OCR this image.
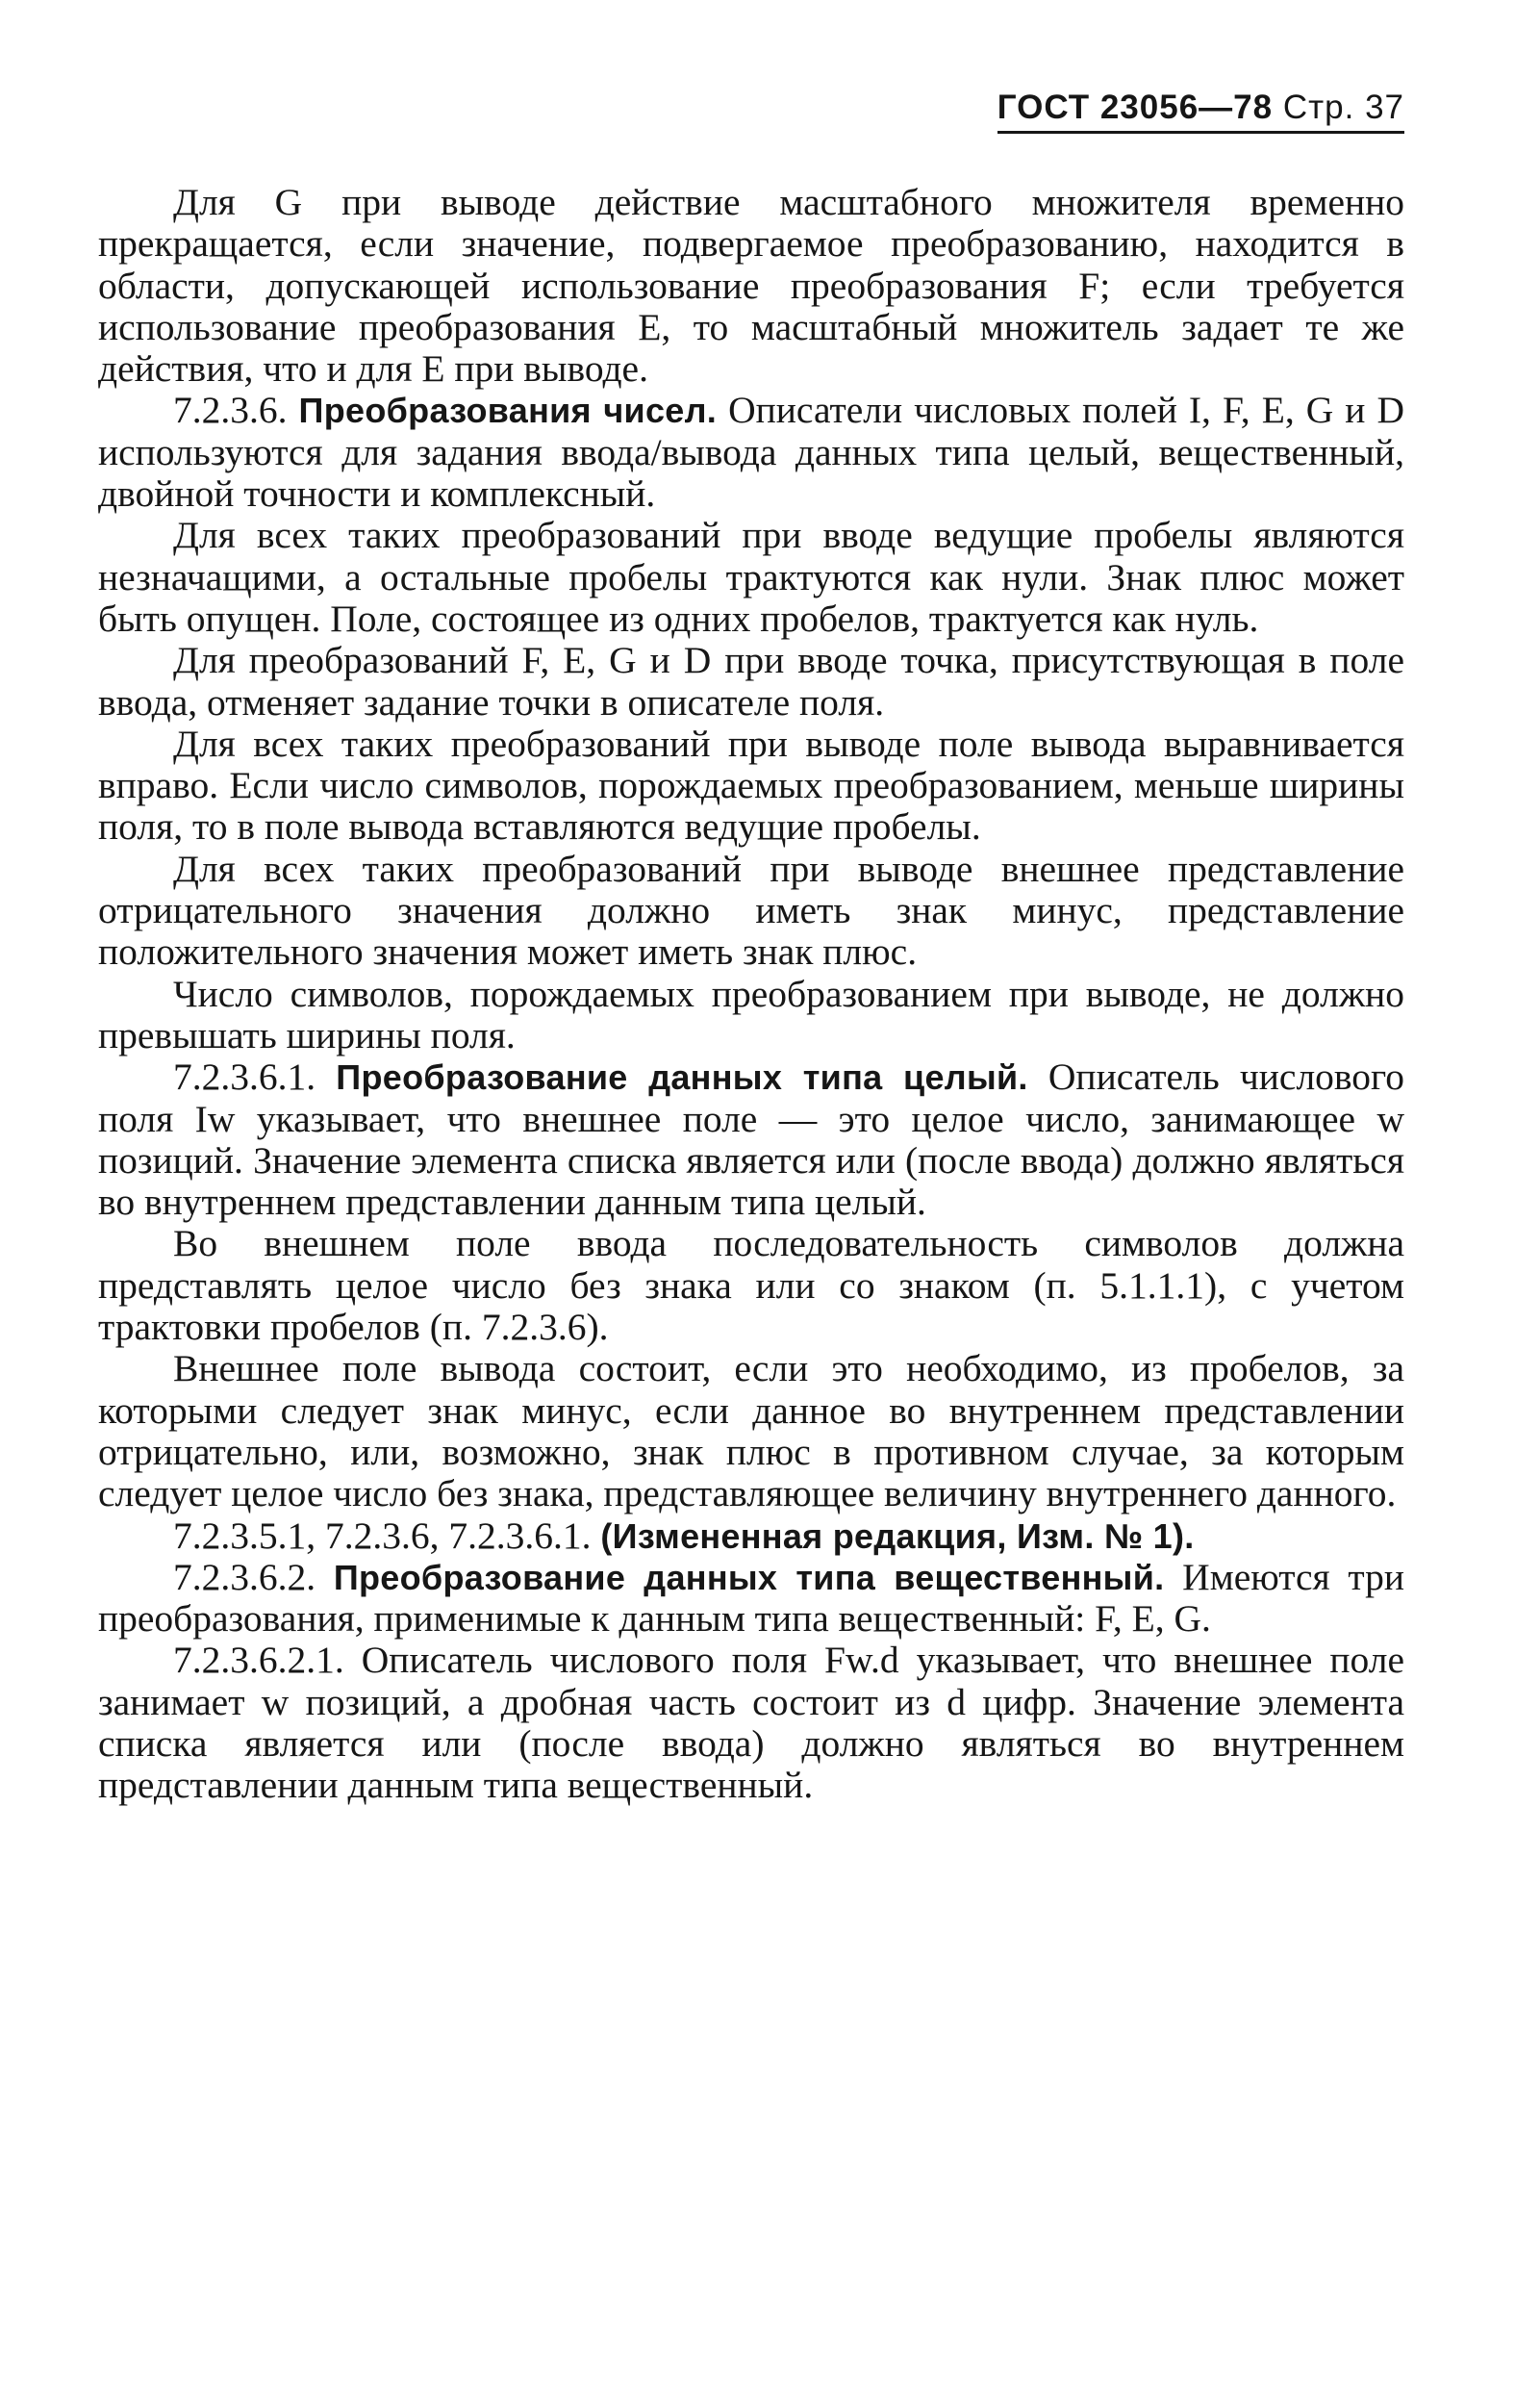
ГОСТ 23056—78 Стр. 37

Для G при выводе действие масштабного множителя временно прекращается, если значение, подвергаемое преобразованию, находится в области, допускающей использование преобразования F; если требуется использование преобразования E, то масштабный множитель задает те же действия, что и для E при выводе.

7.2.3.6. Преобразования чисел. Описатели числовых полей I, F, E, G и D используются для задания ввода/вывода данных типа целый, вещественный, двойной точности и комплексный.

Для всех таких преобразований при вводе ведущие пробелы являются незначащими, а остальные пробелы трактуются как нули. Знак плюс может быть опущен. Поле, состоящее из одних пробелов, трактуется как нуль.

Для преобразований F, E, G и D при вводе точка, присутствующая в поле ввода, отменяет задание точки в описателе поля.

Для всех таких преобразований при выводе поле вывода выравнивается вправо. Если число символов, порождаемых преобразованием, меньше ширины поля, то в поле вывода вставляются ведущие пробелы.

Для всех таких преобразований при выводе внешнее представление отрицательного значения должно иметь знак минус, представление положительного значения может иметь знак плюс.

Число символов, порождаемых преобразованием при выводе, не должно превышать ширины поля.

7.2.3.6.1. Преобразование данных типа целый. Описатель числового поля Iw указывает, что внешнее поле — это целое число, занимающее w позиций. Значение элемента списка является или (после ввода) должно являться во внутреннем представлении данным типа целый.

Во внешнем поле ввода последовательность символов должна представлять целое число без знака или со знаком (п. 5.1.1.1), с учетом трактовки пробелов (п. 7.2.3.6).

Внешнее поле вывода состоит, если это необходимо, из пробелов, за которыми следует знак минус, если данное во внутреннем представлении отрицательно, или, возможно, знак плюс в противном случае, за которым следует целое число без знака, представляющее величину внутреннего данного.

7.2.3.5.1, 7.2.3.6, 7.2.3.6.1. (Измененная редакция, Изм. № 1).

7.2.3.6.2. Преобразование данных типа вещественный. Имеются три преобразования, применимые к данным типа вещественный: F, E, G.

7.2.3.6.2.1. Описатель числового поля Fw.d указывает, что внешнее поле занимает w позиций, а дробная часть состоит из d цифр. Значение элемента списка является или (после ввода) должно являться во внутреннем представлении данным типа вещественный.
